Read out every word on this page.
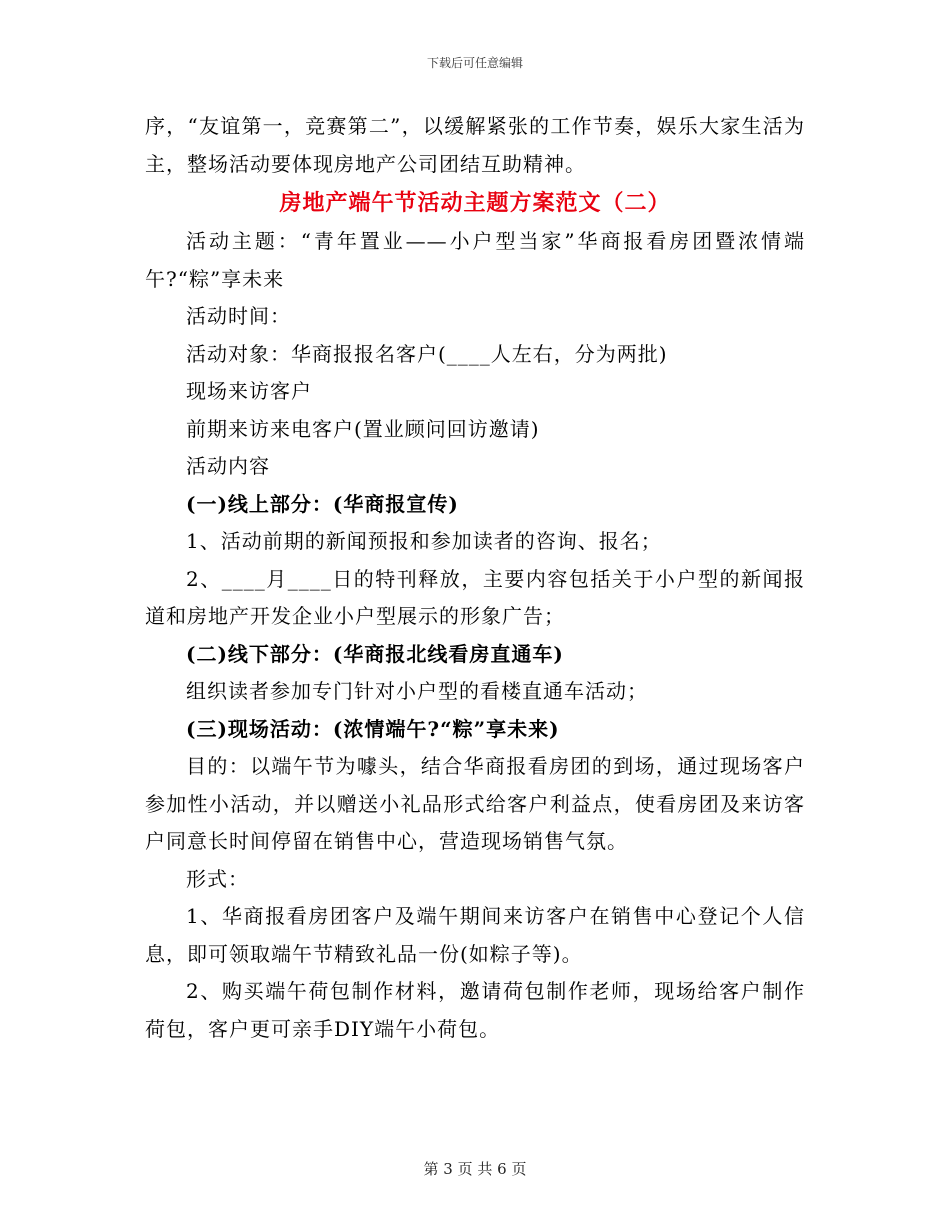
下载后可任意编辑

序，“友谊第一，竞赛第二”，以缓解紧张的工作节奏，娱乐大家生活为主，整场活动要体现房地产公司团结互助精神。

房地产端午节活动主题方案范文（二）

活动主题：“青年置业——小户型当家”华商报看房团暨浓情端午?“粽”享未来

活动时间：

活动对象：华商报报名客户(____人左右，分为两批)

现场来访客户

前期来访来电客户(置业顾问回访邀请)

活动内容

(一)线上部分：(华商报宣传)

1、活动前期的新闻预报和参加读者的咨询、报名；

2、____月____日的特刊释放，主要内容包括关于小户型的新闻报道和房地产开发企业小户型展示的形象广告；

(二)线下部分：(华商报北线看房直通车)

组织读者参加专门针对小户型的看楼直通车活动；

(三)现场活动：(浓情端午?“粽”享未来)

目的：以端午节为噱头，结合华商报看房团的到场，通过现场客户参加性小活动，并以赠送小礼品形式给客户利益点，使看房团及来访客户同意长时间停留在销售中心，营造现场销售气氛。

形式：

1、华商报看房团客户及端午期间来访客户在销售中心登记个人信息，即可领取端午节精致礼品一份(如粽子等)。

2、购买端午荷包制作材料，邀请荷包制作老师，现场给客户制作荷包，客户更可亲手DIY端午小荷包。

第 3 页 共 6 页
